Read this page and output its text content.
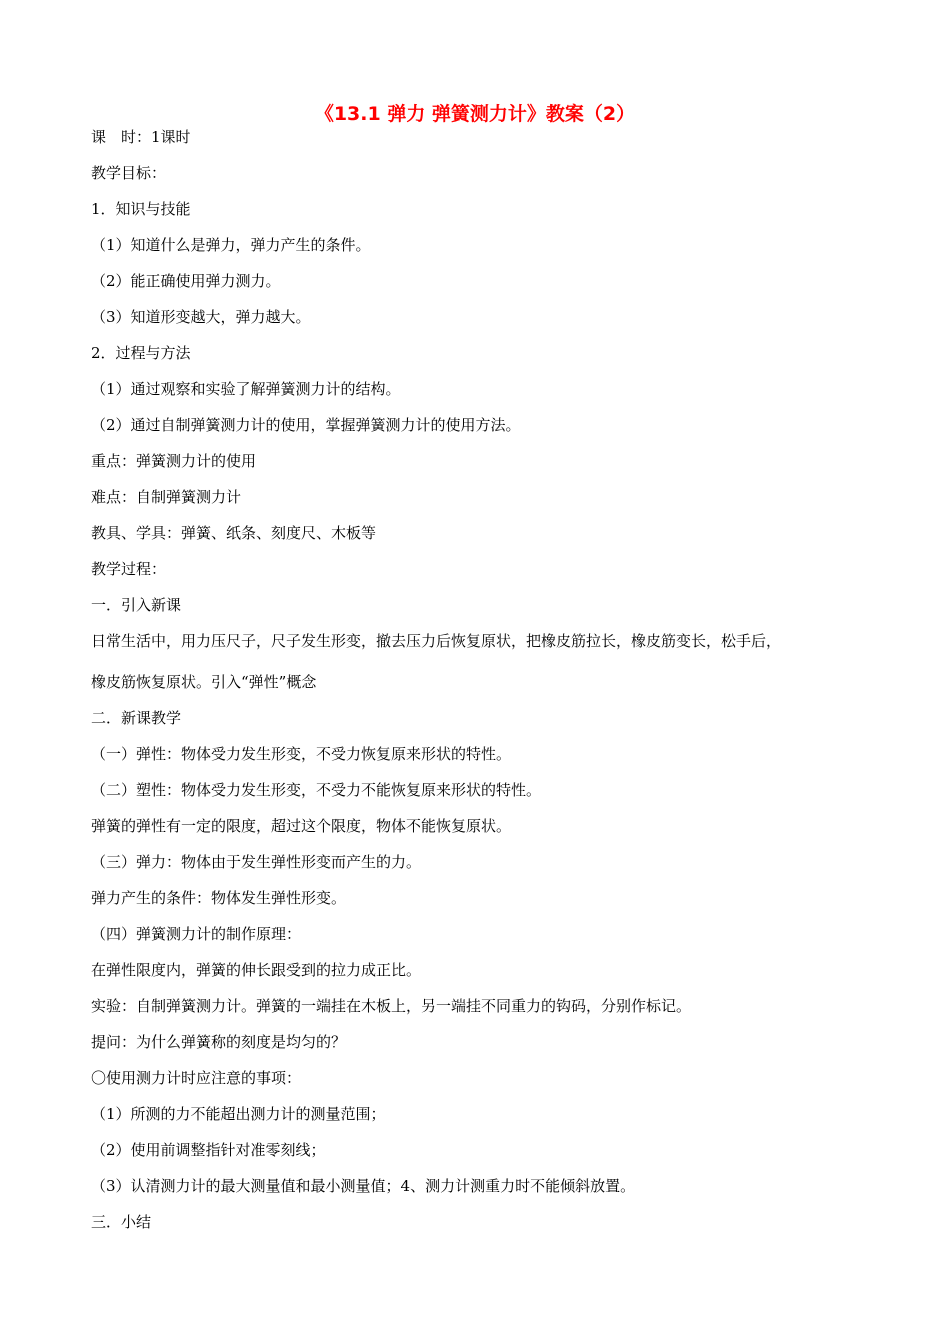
《13.1 弹力 弹簧测力计》教案（2）
课　时：1课时
教学目标：
1．知识与技能
（1）知道什么是弹力，弹力产生的条件。
（2）能正确使用弹力测力。
（3）知道形变越大，弹力越大。
2．过程与方法
（1）通过观察和实验了解弹簧测力计的结构。
（2）通过自制弹簧测力计的使用，掌握弹簧测力计的使用方法。
重点：弹簧测力计的使用
难点：自制弹簧测力计
教具、学具：弹簧、纸条、刻度尺、木板等
教学过程：
一．引入新课
日常生活中，用力压尺子，尺子发生形变，撤去压力后恢复原状，把橡皮筋拉长，橡皮筋变长，松手后，
橡皮筋恢复原状。引入“弹性”概念
二．新课教学
（一）弹性：物体受力发生形变，不受力恢复原来形状的特性。
（二）塑性：物体受力发生形变，不受力不能恢复原来形状的特性。
弹簧的弹性有一定的限度，超过这个限度，物体不能恢复原状。
（三）弹力：物体由于发生弹性形变而产生的力。
弹力产生的条件：物体发生弹性形变。
（四）弹簧测力计的制作原理：
在弹性限度内，弹簧的伸长跟受到的拉力成正比。
实验：自制弹簧测力计。弹簧的一端挂在木板上，另一端挂不同重力的钩码，分别作标记。
提问：为什么弹簧称的刻度是均匀的？
〇使用测力计时应注意的事项：
（1）所测的力不能超出测力计的测量范围；
（2）使用前调整指针对准零刻线；
（3）认清测力计的最大测量值和最小测量值；4、测力计测重力时不能倾斜放置。
三．小结
